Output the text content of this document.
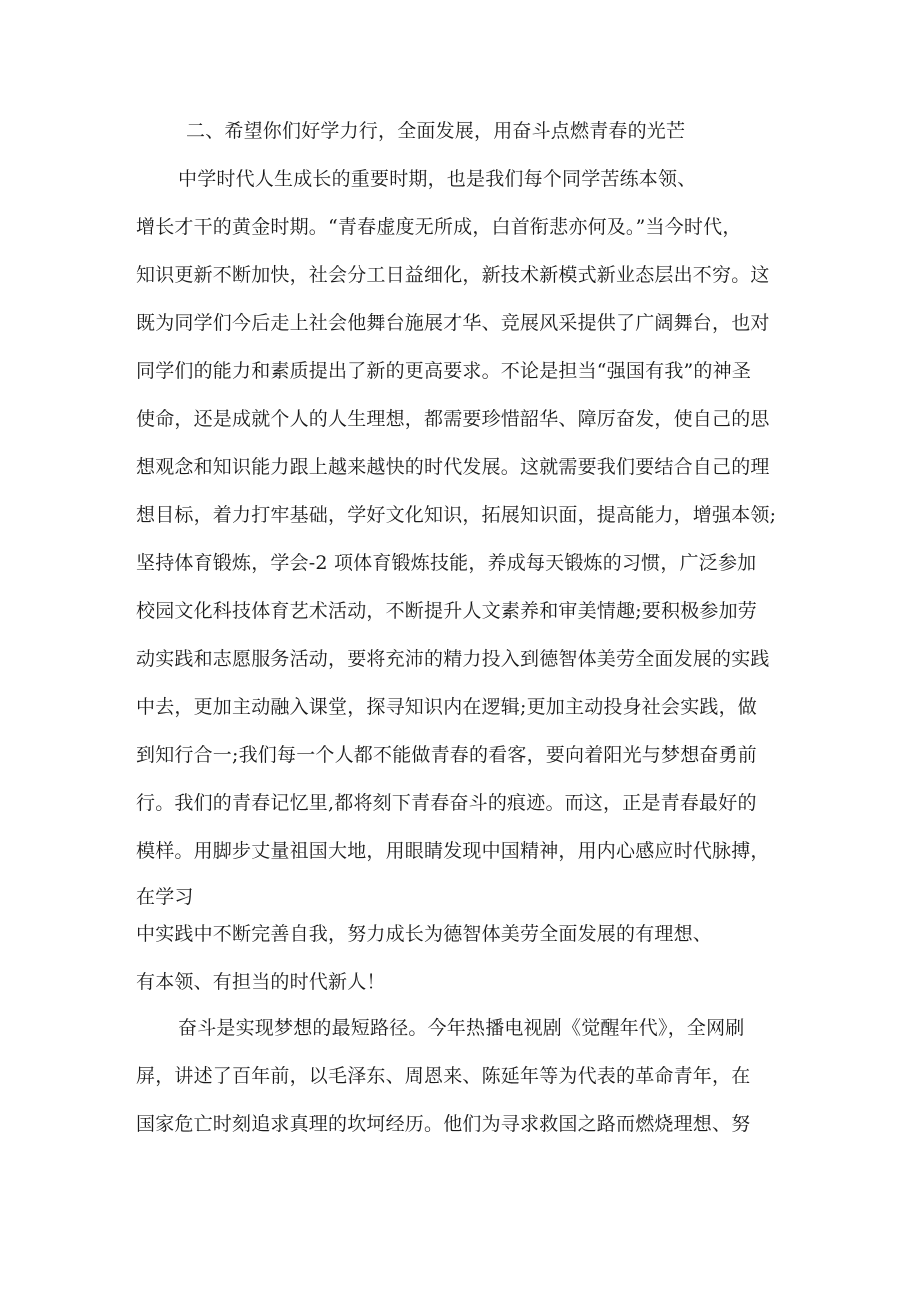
二、希望你们好学力行，全面发展，用奋斗点燃青春的光芒
中学时代人生成长的重要时期，也是我们每个同学苦练本领、
增长才干的黄金时期。“青春虚度无所成，白首衔悲亦何及。”当今时代，
知识更新不断加快，社会分工日益细化，新技术新模式新业态层出不穷。这
既为同学们今后走上社会他舞台施展才华、竞展风采提供了广阔舞台，也对
同学们的能力和素质提出了新的更高要求。不论是担当“强国有我”的神圣
使命，还是成就个人的人生理想，都需要珍惜韶华、障厉奋发，使自己的思
想观念和知识能力跟上越来越快的时代发展。这就需要我们要结合自己的理
想目标，着力打牢基础，学好文化知识，拓展知识面，提高能力，增强本领;
坚持体育锻炼，学会-2 项体育锻炼技能，养成每天锻炼的习惯，广泛参加
校园文化科技体育艺术活动，不断提升人文素养和审美情趣;要积极参加劳
动实践和志愿服务活动，要将充沛的精力投入到德智体美劳全面发展的实践
中去，更加主动融入课堂，探寻知识内在逻辑;更加主动投身社会实践，做
到知行合一;我们每一个人都不能做青春的看客，要向着阳光与梦想奋勇前
行。我们的青春记忆里,都将刻下青春奋斗的痕迹。而这，正是青春最好的
模样。用脚步丈量祖国大地，用眼睛发现中国精神，用内心感应时代脉搏，
在学习
中实践中不断完善自我，努力成长为德智体美劳全面发展的有理想、
有本领、有担当的时代新人！
奋斗是实现梦想的最短路径。今年热播电视剧《觉醒年代》，全网刷
屏，讲述了百年前，以毛泽东、周恩来、陈延年等为代表的革命青年，在
国家危亡时刻追求真理的坎坷经历。他们为寻求救国之路而燃烧理想、努
